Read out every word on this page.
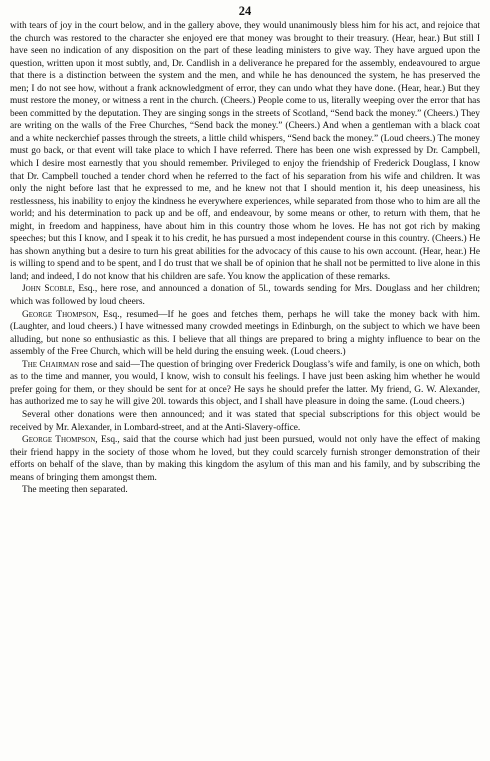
24

with tears of joy in the court below, and in the gallery above, they would unanimously bless him for his act, and rejoice that the church was restored to the character she enjoyed ere that money was brought to their treasury. (Hear, hear.) But still I have seen no indication of any disposition on the part of these leading ministers to give way. They have argued upon the question, written upon it most subtly, and, Dr. Candlish in a deliverance he prepared for the assembly, endeavoured to argue that there is a distinction between the system and the men, and while he has denounced the system, he has preserved the men; I do not see how, without a frank acknowledgment of error, they can undo what they have done. (Hear, hear.) But they must restore the money, or witness a rent in the church. (Cheers.) People come to us, literally weeping over the error that has been committed by the deputation. They are singing songs in the streets of Scotland, “Send back the money.” (Cheers.) They are writing on the walls of the Free Churches, “Send back the money.” (Cheers.) And when a gentleman with a black coat and a white neckerchief passes through the streets, a little child whispers, “Send back the money.” (Loud cheers.) The money must go back, or that event will take place to which I have referred. There has been one wish expressed by Dr. Campbell, which I desire most earnestly that you should remember. Privileged to enjoy the friendship of Frederick Douglass, I know that Dr. Campbell touched a tender chord when he referred to the fact of his separation from his wife and children. It was only the night before last that he expressed to me, and he knew not that I should mention it, his deep uneasiness, his restlessness, his inability to enjoy the kindness he everywhere experiences, while separated from those who to him are all the world; and his determination to pack up and be off, and endeavour, by some means or other, to return with them, that he might, in freedom and happiness, have about him in this country those whom he loves. He has not got rich by making speeches; but this I know, and I speak it to his credit, he has pursued a most independent course in this country. (Cheers.) He has shown anything but a desire to turn his great abilities for the advocacy of this cause to his own account. (Hear, hear.) He is willing to spend and to be spent, and I do trust that we shall be of opinion that he shall not be permitted to live alone in this land; and indeed, I do not know that his children are safe. You know the application of these remarks.

John Scoble, Esq., here rose, and announced a donation of 5l., towards sending for Mrs. Douglass and her children; which was followed by loud cheers.

George Thompson, Esq., resumed—If he goes and fetches them, perhaps he will take the money back with him. (Laughter, and loud cheers.) I have witnessed many crowded meetings in Edinburgh, on the subject to which we have been alluding, but none so enthusiastic as this. I believe that all things are prepared to bring a mighty influence to bear on the assembly of the Free Church, which will be held during the ensuing week. (Loud cheers.)

The Chairman rose and said—The question of bringing over Frederick Douglass’s wife and family, is one on which, both as to the time and manner, you would, I know, wish to consult his feelings. I have just been asking him whether he would prefer going for them, or they should be sent for at once? He says he should prefer the latter. My friend, G. W. Alexander, has authorized me to say he will give 20l. towards this object, and I shall have pleasure in doing the same. (Loud cheers.)

Several other donations were then announced; and it was stated that special subscriptions for this object would be received by Mr. Alexander, in Lombard-street, and at the Anti-Slavery-office.

George Thompson, Esq., said that the course which had just been pursued, would not only have the effect of making their friend happy in the society of those whom he loved, but they could scarcely furnish stronger demonstration of their efforts on behalf of the slave, than by making this kingdom the asylum of this man and his family, and by subscribing the means of bringing them amongst them.

The meeting then separated.
